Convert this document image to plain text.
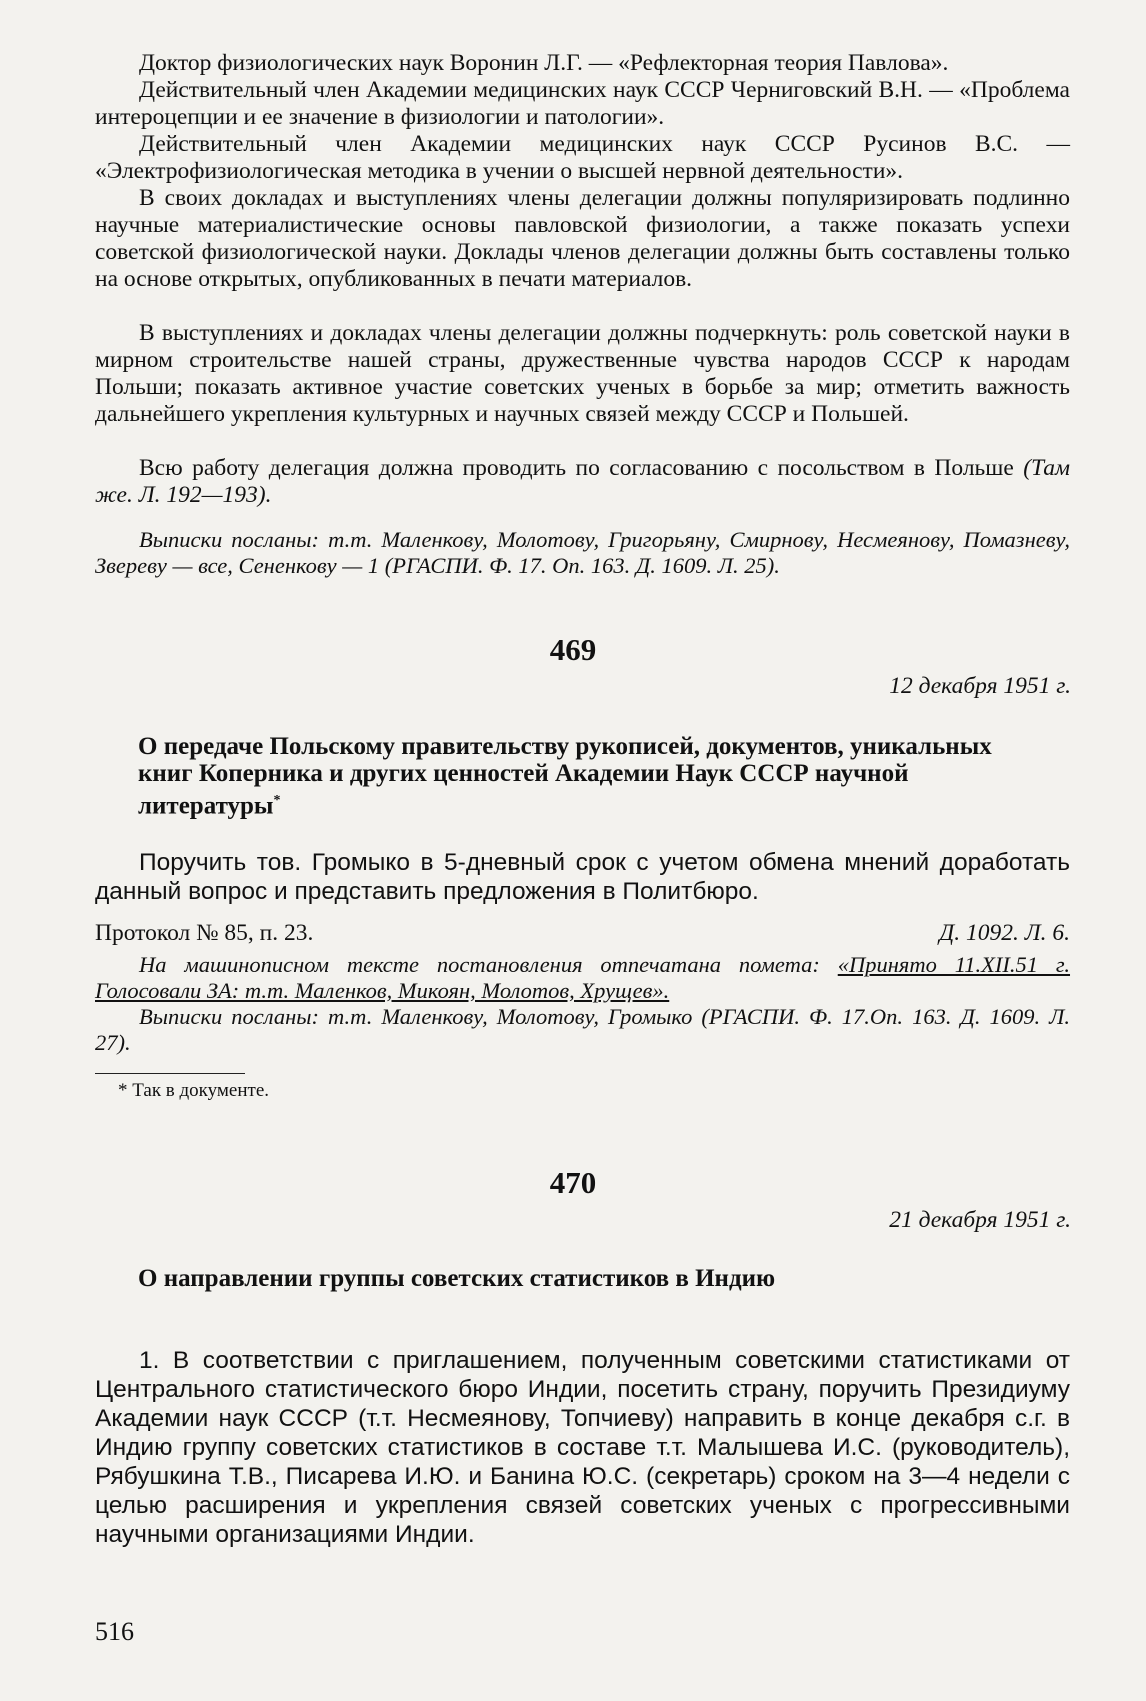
Доктор физиологических наук Воронин Л.Г. — «Рефлекторная теория Павлова».

Действительный член Академии медицинских наук СССР Черниговский В.Н. — «Проблема интероцепции и ее значение в физиологии и патологии».

Действительный член Академии медицинских наук СССР Русинов В.С. — «Электрофизиологическая методика в учении о высшей нервной деятельности».

В своих докладах и выступлениях члены делегации должны популяризировать подлинно научные материалистические основы павловской физиологии, а также показать успехи советской физиологической науки. Доклады членов делегации должны быть составлены только на основе открытых, опубликованных в печати материалов.

В выступлениях и докладах члены делегации должны подчеркнуть: роль советской науки в мирном строительстве нашей страны, дружественные чувства народов СССР к народам Польши; показать активное участие советских ученых в борьбе за мир; отметить важность дальнейшего укрепления культурных и научных связей между СССР и Польшей.

Всю работу делегация должна проводить по согласованию с посольством в Польше (Там же. Л. 192—193).

Выписки посланы: т.т. Маленкову, Молотову, Григорьяну, Смирнову, Несмеянову, Помазневу, Звереву — все, Сененкову — 1 (РГАСПИ. Ф. 17. Оп. 163. Д. 1609. Л. 25).

469

12 декабря 1951 г.

О передаче Польскому правительству рукописей, документов, уникальных книг Коперника и других ценностей Академии Наук СССР научной литературы*

Поручить тов. Громыко в 5-дневный срок с учетом обмена мнений доработать данный вопрос и представить предложения в Политбюро.

Протокол № 85, п. 23.	Д. 1092. Л. 6.

На машинописном тексте постановления отпечатана помета: «Принято 11.XII.51 г. Голосовали ЗА: т.т. Маленков, Микоян, Молотов, Хрущев».

Выписки посланы: т.т. Маленкову, Молотову, Громыко (РГАСПИ. Ф. 17.Оп. 163. Д. 1609. Л. 27).

* Так в документе.

470

21 декабря 1951 г.

О направлении группы советских статистиков в Индию

1. В соответствии с приглашением, полученным советскими статистиками от Центрального статистического бюро Индии, посетить страну, поручить Президиуму Академии наук СССР (т.т. Несмеянову, Топчиеву) направить в конце декабря с.г. в Индию группу советских статистиков в составе т.т. Малышева И.С. (руководитель), Рябушкина Т.В., Писарева И.Ю. и Банина Ю.С. (секретарь) сроком на 3—4 недели с целью расширения и укрепления связей советских ученых с прогрессивными научными организациями Индии.

516
